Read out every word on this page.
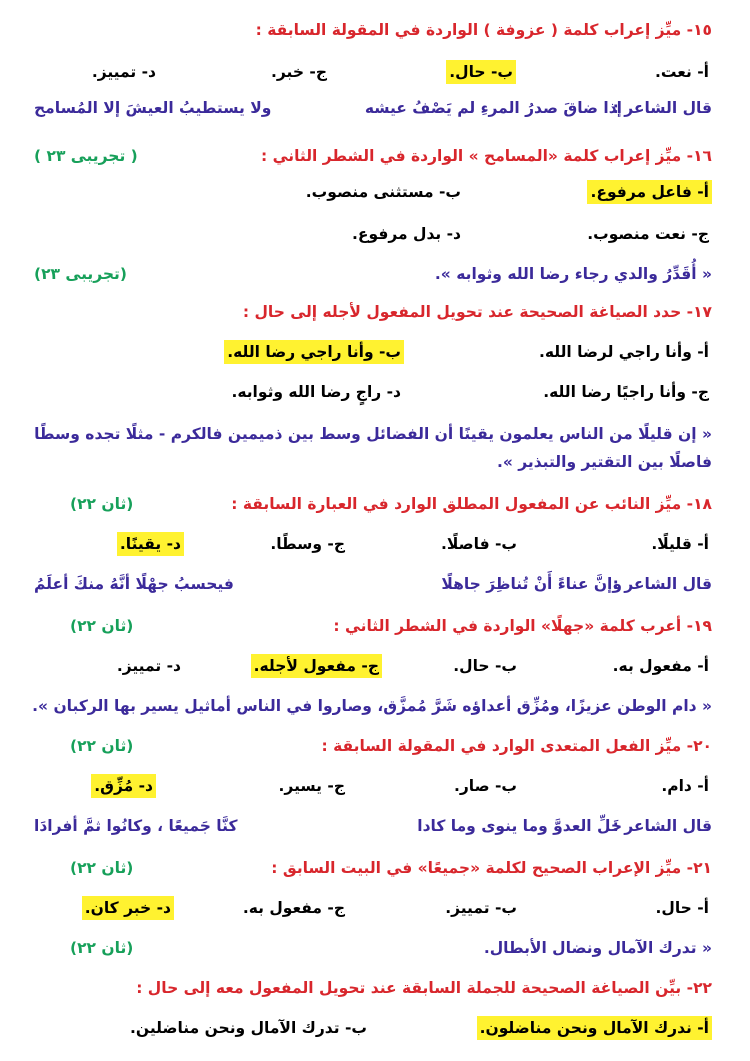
١٥- ميِّز إعراب كلمة ( عزوفة ) الواردة في المقولة السابقة :
أ- نعت.
ب- حال.
ج- خبر.
د- تمييز.
قال الشاعر :
إذا ضاقَ صدرُ المرءِ لم يَصْفُ عيشه
ولا يستطيبُ العيشَ إلا المُسامح
١٦- ميِّز إعراب كلمة «المسامح » الواردة في الشطر الثاني :
( تجريبى ٢٣ )
أ- فاعل مرفوع.
ب- مستثنى منصوب.
ج- نعت منصوب.
د- بدل مرفوع.
« أُقَدِّرُ والدي رجاء رضا الله وثوابه ».
(تجريبى ٢٣)
١٧- حدد الصياغة الصحيحة عند تحويل المفعول لأجله إلى حال :
أ- وأنا راجي لرضا الله.
ب- وأنا راجي رضا الله.
ج- وأنا راجيًا رضا الله.
د- راجٍ رضا الله وثوابه.
« إن قليلًا من الناس يعلمون يقينًا أن الفضائل وسط بين ذميمين فالكرم - مثلًا تجده وسطًا
فاصلًا بين التقتير والتبذير ».
١٨- ميِّز النائب عن المفعول المطلق الوارد في العبارة السابقة :
(ثان ٢٢)
أ- قليلًا.
ب- فاصلًا.
ج- وسطًا.
د- يقينًا.
قال الشاعر :
وإنَّ عناءً أَنْ تُناظِرَ جاهلًا
فيحسبُ جهْلًا أنَّهُ منكَ أعلَمُ
١٩- أعرب كلمة «جهلًا» الواردة في الشطر الثاني :
(ثان ٢٢)
أ- مفعول به.
ب- حال.
ج- مفعول لأجله.
د- تمييز.
« دام الوطن عزيزًا، ومُزِّق أعداؤه شَرَّ مُمزَّق، وصاروا في الناس أماثيل يسير بها الركبان ».
٢٠- ميِّز الفعل المتعدى الوارد في المقولة السابقة :
(ثان ٢٢)
أ- دام.
ب- صار.
ج- يسير.
د- مُزِّق.
قال الشاعر :
خَلِّ العدوَّ وما ينوى وما كادا
كنَّا جَميعًا ، وكانُوا ثمَّ أفرادَا
٢١- ميِّز الإعراب الصحيح لكلمة «جميعًا» في البيت السابق :
(ثان ٢٢)
أ- حال.
ب- تمييز.
ج- مفعول به.
د- خبر كان.
« تدرك الآمال ونضال الأبطال.
(ثان ٢٢)
٢٢- بيِّن الصياغة الصحيحة للجملة السابقة عند تحويل المفعول معه إلى حال :
أ- ندرك الآمال ونحن مناضلون.
ب- تدرك الآمال ونحن مناضلين.
